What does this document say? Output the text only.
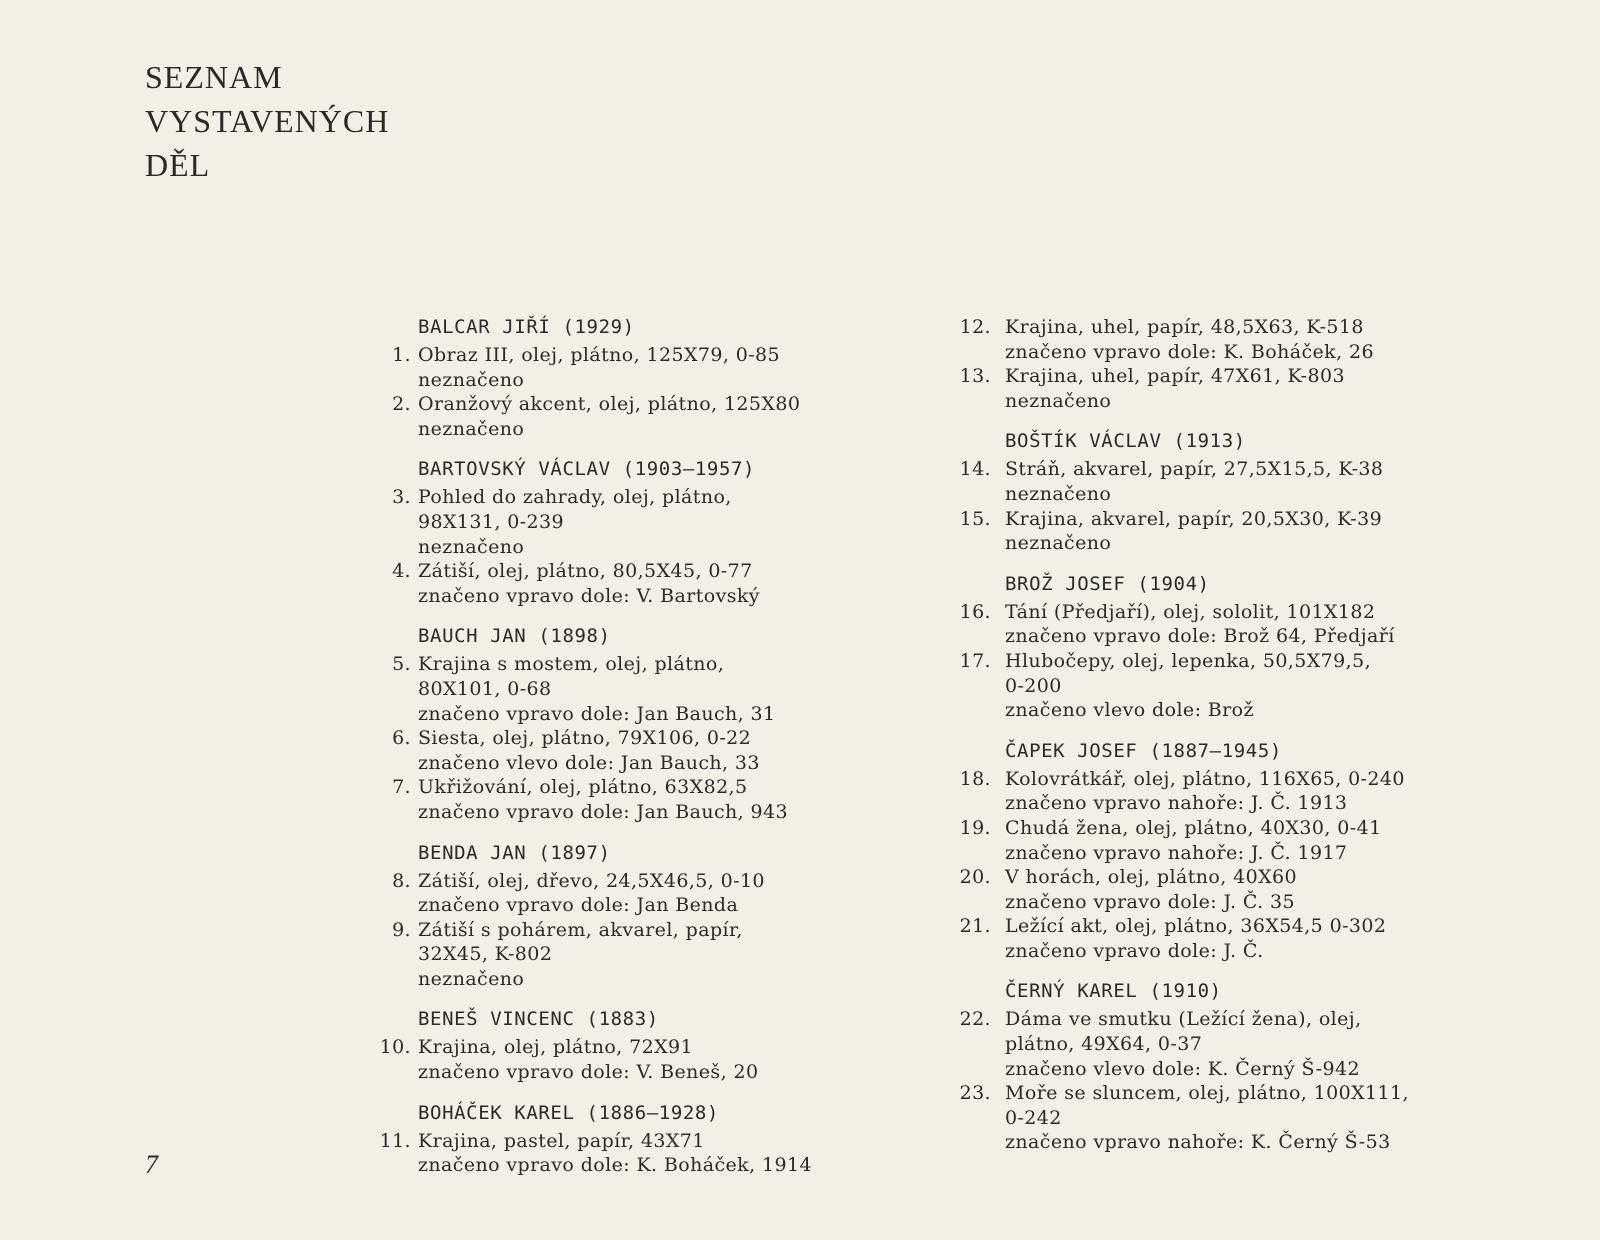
SEZNAM
VYSTAVENÝCH
DĚL
BALCAR JIŘÍ (1929)
1. Obraz III, olej, plátno, 125X79, 0-85
neznačeno
2. Oranžový akcent, olej, plátno, 125X80
neznačeno
BARTOVSKÝ VÁCLAV (1903—1957)
3. Pohled do zahrady, olej, plátno,
98X131, 0-239
neznačeno
4. Zátiší, olej, plátno, 80,5X45, 0-77
značeno vpravo dole: V. Bartovský
BAUCH JAN (1898)
5. Krajina s mostem, olej, plátno,
80X101, 0-68
značeno vpravo dole: Jan Bauch, 31
6. Siesta, olej, plátno, 79X106, 0-22
značeno vlevo dole: Jan Bauch, 33
7. Ukřižování, olej, plátno, 63X82,5
značeno vpravo dole: Jan Bauch, 943
BENDA JAN (1897)
8. Zátiší, olej, dřevo, 24,5X46,5, 0-10
značeno vpravo dole: Jan Benda
9. Zátiší s pohárem, akvarel, papír,
32X45, K-802
neznačeno
BENEŠ VINCENC (1883)
10. Krajina, olej, plátno, 72X91
značeno vpravo dole: V. Beneš, 20
BOHÁČEK KAREL (1886—1928)
11. Krajina, pastel, papír, 43X71
značeno vpravo dole: K. Boháček, 1914
12. Krajina, uhel, papír, 48,5X63, K-518
značeno vpravo dole: K. Boháček, 26
13. Krajina, uhel, papír, 47X61, K-803
neznačeno
BOŠTÍK VÁCLAV (1913)
14. Stráň, akvarel, papír, 27,5X15,5, K-38
neznačeno
15. Krajina, akvarel, papír, 20,5X30, K-39
neznačeno
BROŽ JOSEF (1904)
16. Tání (Předjaří), olej, sololit, 101X182
značeno vpravo dole: Brož 64, Předjaří
17. Hlubočepy, olej, lepenka, 50,5X79,5,
0-200
značeno vlevo dole: Brož
ČAPEK JOSEF (1887—1945)
18. Kolovrátkář, olej, plátno, 116X65, 0-240
značeno vpravo nahoře: J. Č. 1913
19. Chudá žena, olej, plátno, 40X30, 0-41
značeno vpravo nahoře: J. Č. 1917
20. V horách, olej, plátno, 40X60
značeno vpravo dole: J. Č. 35
21. Ležící akt, olej, plátno, 36X54,5 0-302
značeno vpravo dole: J. Č.
ČERNÝ KAREL (1910)
22. Dáma ve smutku (Ležící žena), olej,
plátno, 49X64, 0-37
značeno vlevo dole: K. Černý Š-942
23. Moře se sluncem, olej, plátno, 100X111,
0-242
značeno vpravo nahoře: K. Černý Š-53
7
